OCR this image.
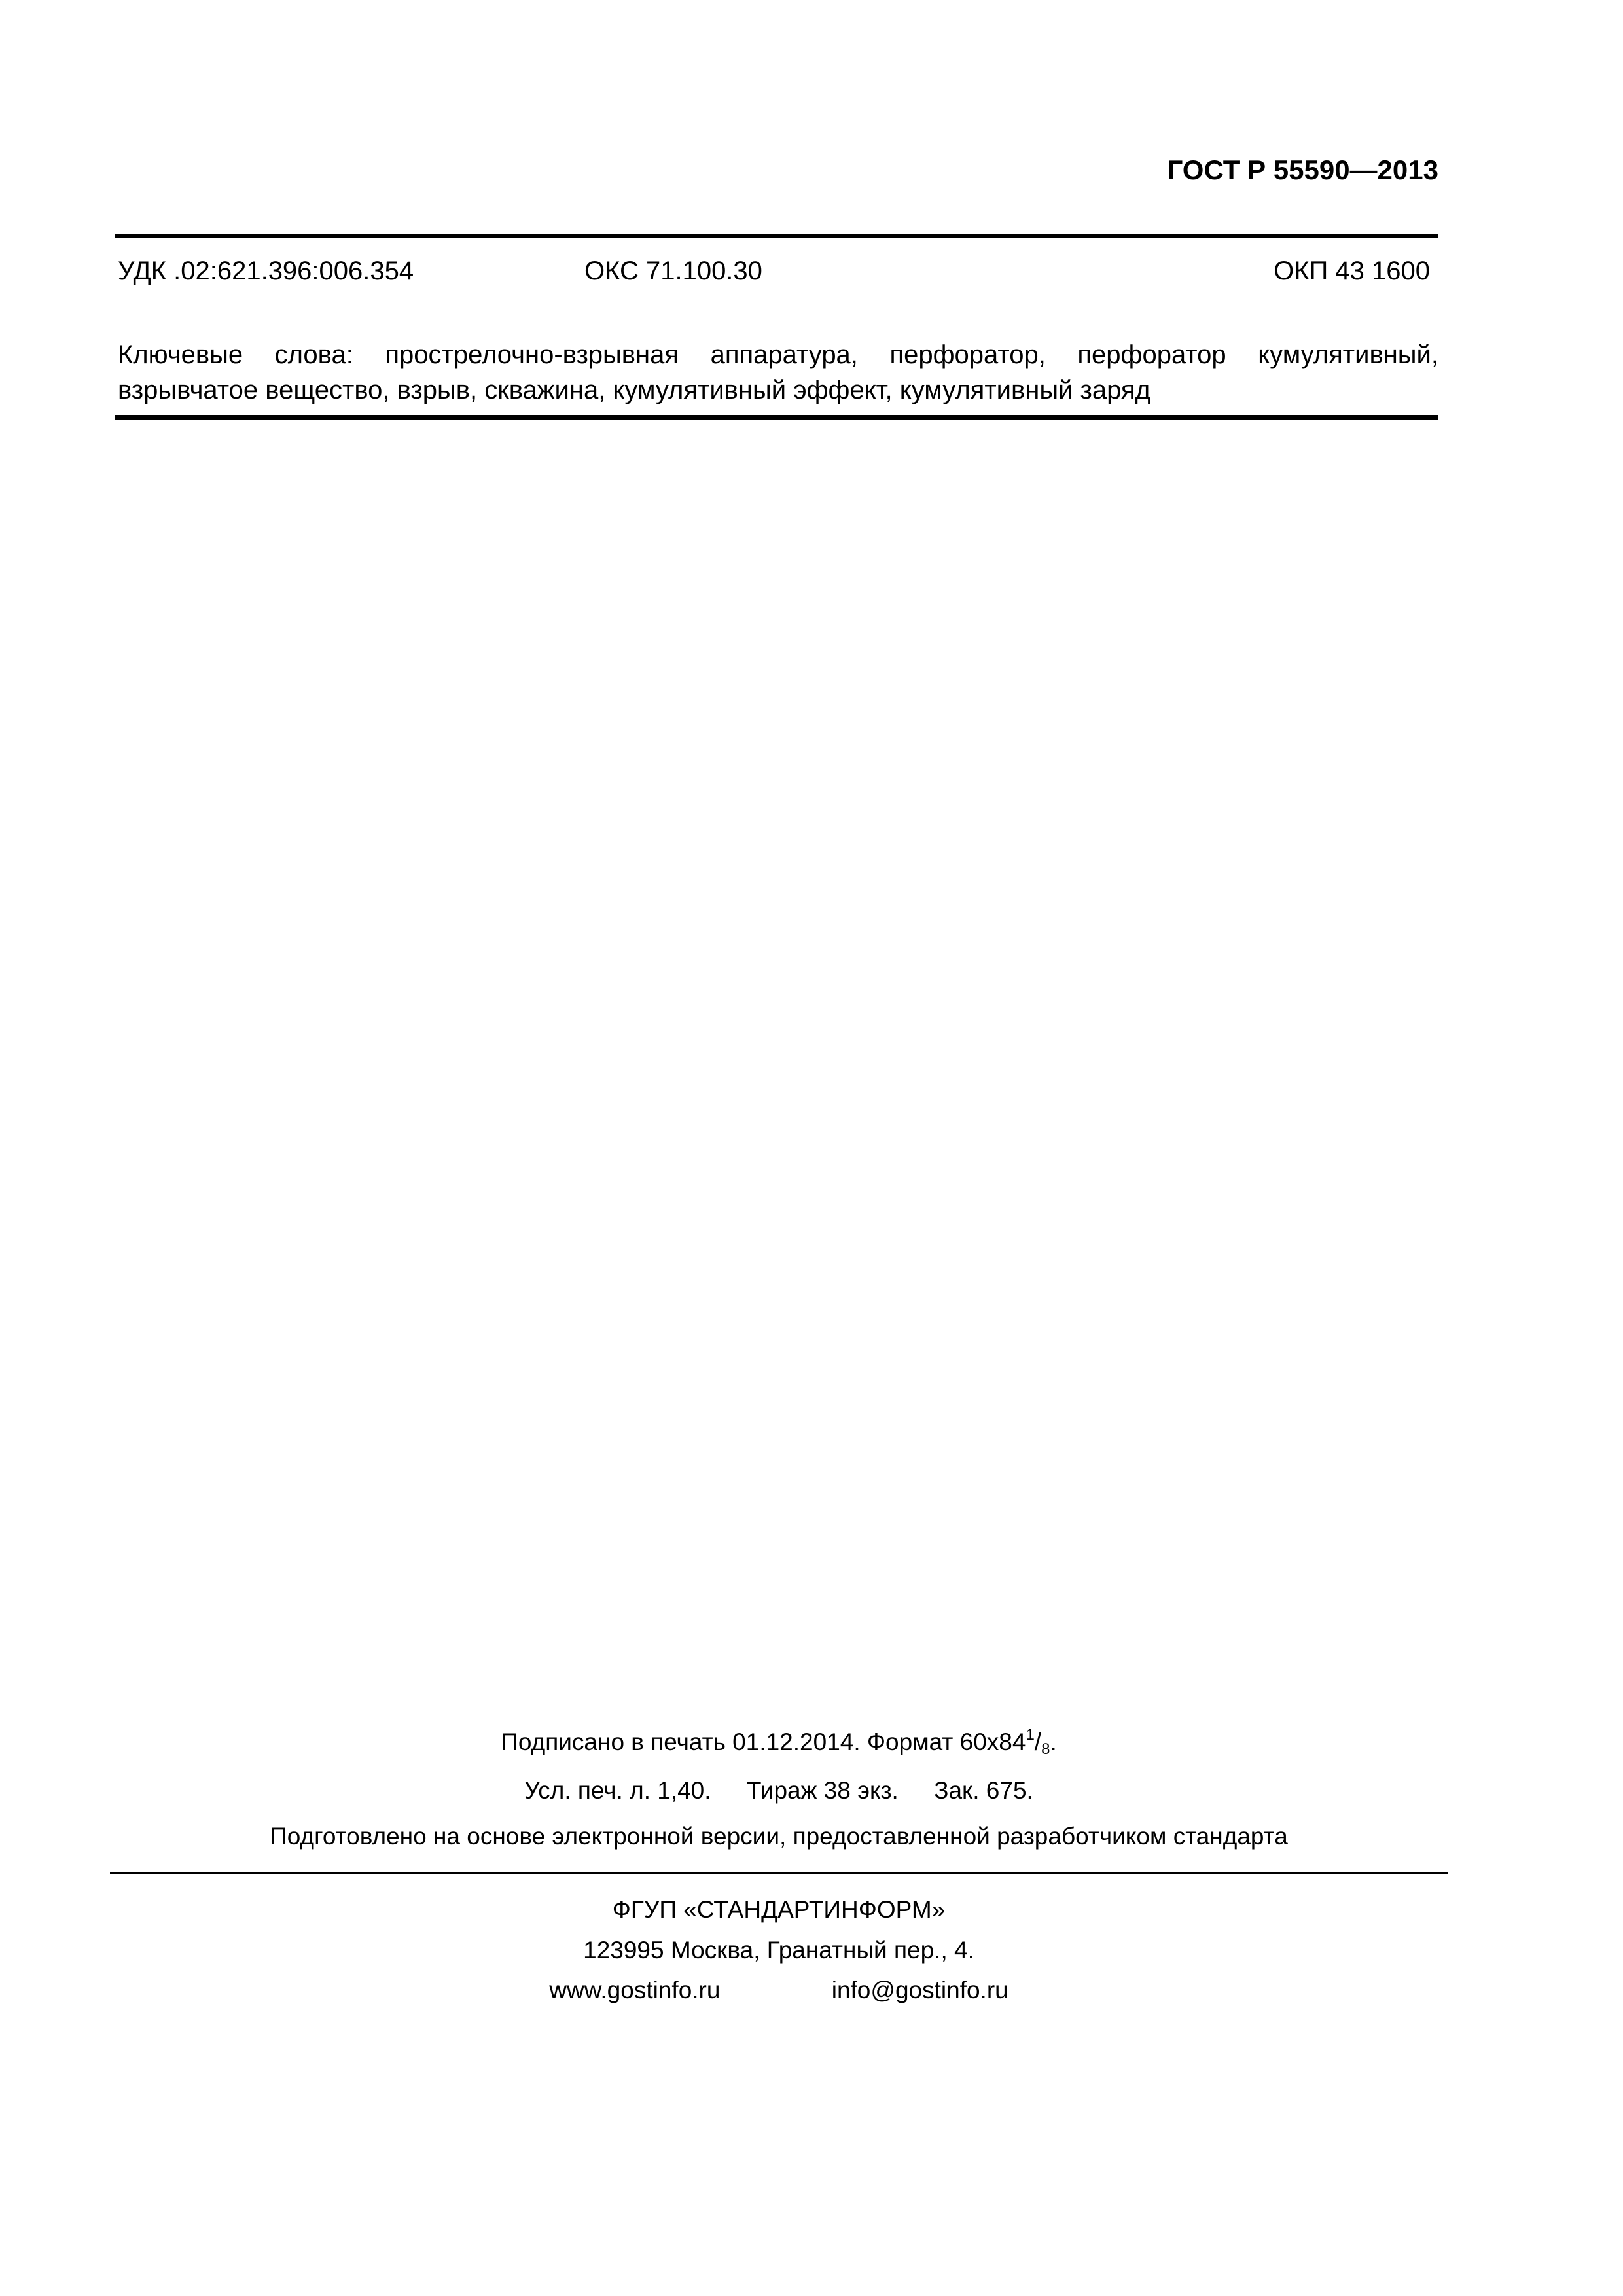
ГОСТ Р 55590—2013
УДК .02:621.396:006.354	ОКС 71.100.30	ОКП 43 1600
Ключевые слова: прострелочно-взрывная аппаратура, перфоратор, перфоратор кумулятивный, взрывчатое вещество, взрыв, скважина, кумулятивный эффект, кумулятивный заряд
Подписано в печать 01.12.2014. Формат $60х84^1/_8$.
Усл. печ. л. 1,40. Тираж 38 экз. Зак. 675.
Подготовлено на основе электронной версии, предоставленной разработчиком стандарта
ФГУП «СТАНДАРТИНФОРМ»
123995 Москва, Гранатный пер., 4.
www.gostinfo.ru	info@gostinfo.ru
